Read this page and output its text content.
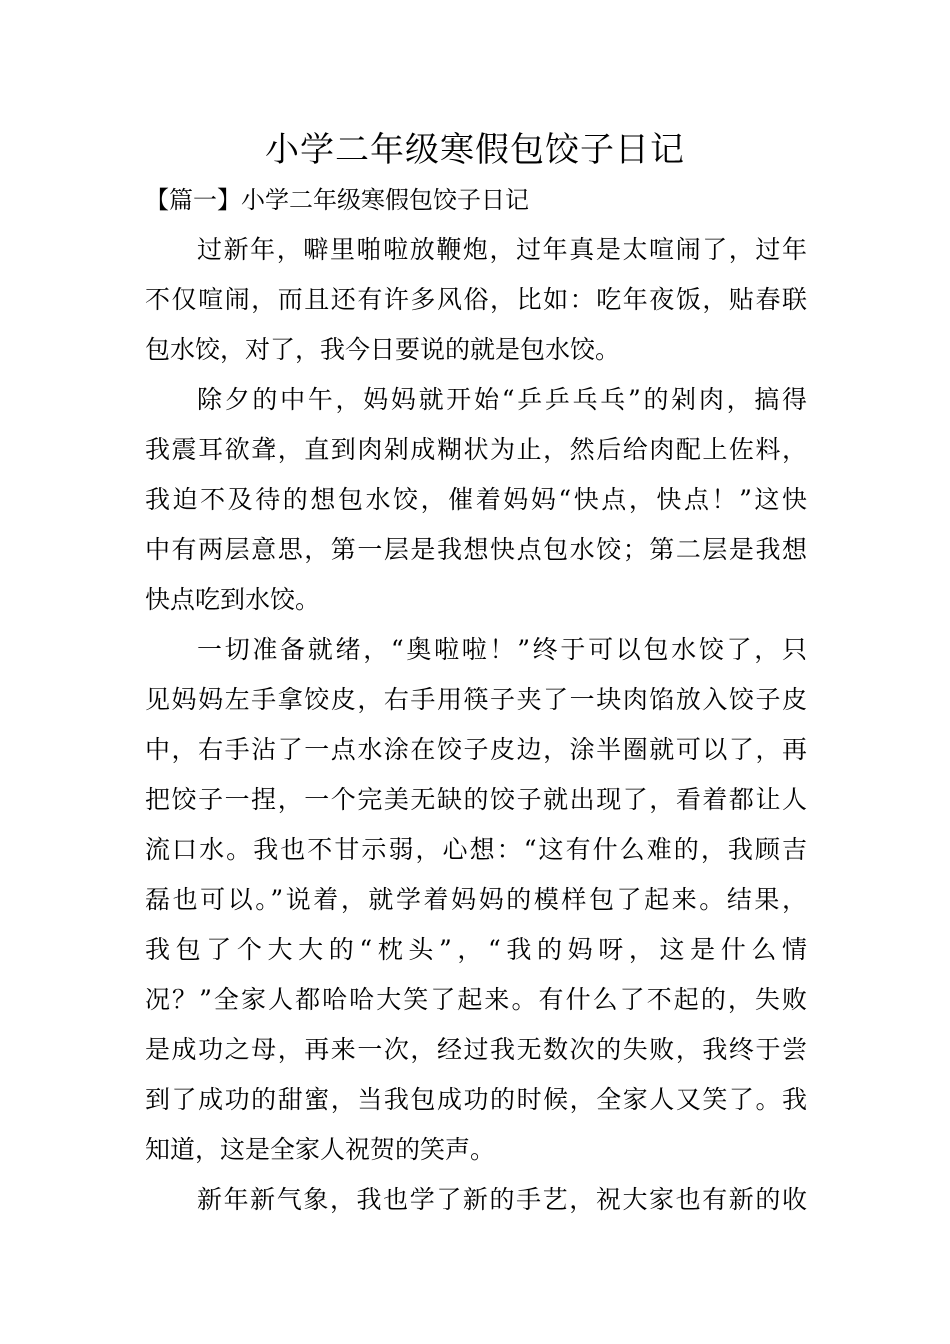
小学二年级寒假包饺子日记

【篇一】小学二年级寒假包饺子日记

过新年，噼里啪啦放鞭炮，过年真是太喧闹了，过年
不仅喧闹，而且还有许多风俗，比如：吃年夜饭，贴春联
包水饺，对了，我今日要说的就是包水饺。
除夕的中午，妈妈就开始“乒乒乓乓”的剁肉，搞得
我震耳欲聋，直到肉剁成糊状为止，然后给肉配上佐料，
我迫不及待的想包水饺，催着妈妈“快点，快点！”这快
中有两层意思，第一层是我想快点包水饺；第二层是我想
快点吃到水饺。
一切准备就绪，“奥啦啦！”终于可以包水饺了，只
见妈妈左手拿饺皮，右手用筷子夹了一块肉馅放入饺子皮
中，右手沾了一点水涂在饺子皮边，涂半圈就可以了，再
把饺子一捏，一个完美无缺的饺子就出现了，看着都让人
流口水。我也不甘示弱，心想：“这有什么难的，我顾吉
磊也可以。”说着，就学着妈妈的模样包了起来。结果，
我包了个大大的“枕头”，“我的妈呀，这是什么情
况？”全家人都哈哈大笑了起来。有什么了不起的，失败
是成功之母，再来一次，经过我无数次的失败，我终于尝
到了成功的甜蜜，当我包成功的时候，全家人又笑了。我
知道，这是全家人祝贺的笑声。
新年新气象，我也学了新的手艺，祝大家也有新的收
